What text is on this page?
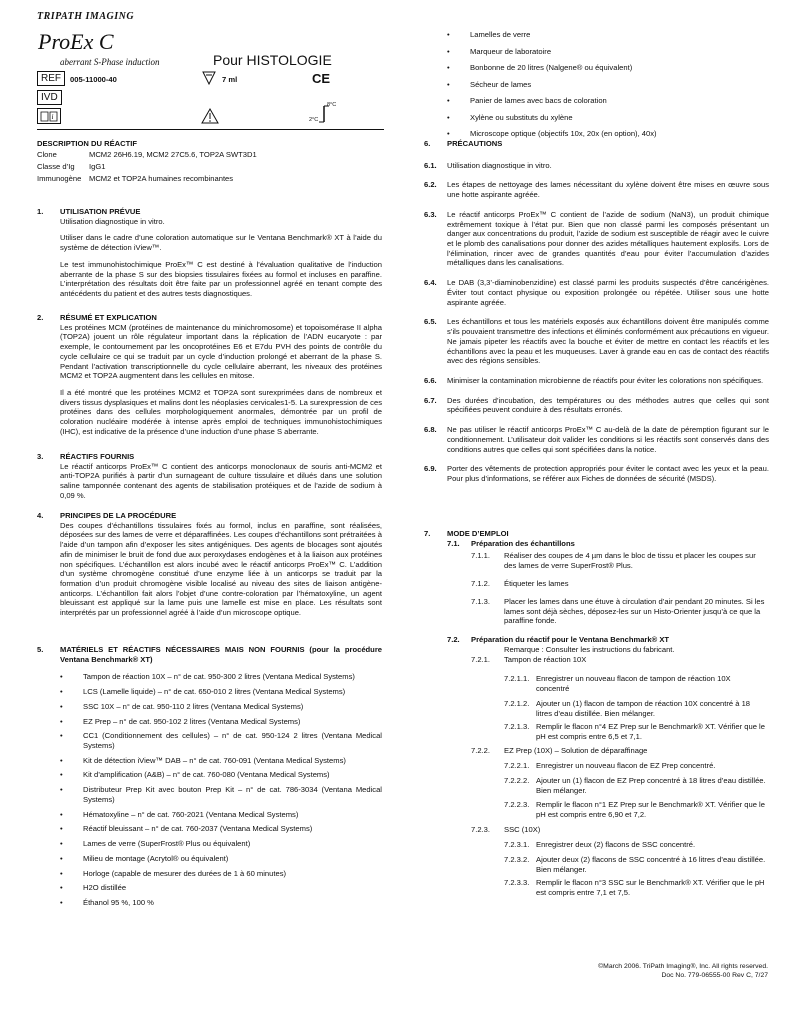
TRIPATH IMAGING
ProEx C
aberrant S-Phase induction	Pour HISTOLOGIE
REF	005-11000-40	7 ml	CE
IVD
i
8°C
2°C
DESCRIPTION DU RÉACTIF
Clone	MCM2 26H6.19, MCM2 27C5.6, TOP2A SWT3D1
Classe d’Ig	IgG1
Immunogène	MCM2 et TOP2A humaines recombinantes
1. UTILISATION PRÉVUE

Utilisation diagnostique in vitro.

Utiliser dans le cadre d’une coloration automatique sur le Ventana Benchmark® XT à l’aide du système de détection iView™.

Le test immunohistochimique ProEx™ C est destiné à l’évaluation qualitative de l’induction aberrante de la phase S sur des biopsies tissulaires fixées au formol et incluses en paraffine. L’interprétation des résultats doit être faite par un professionnel agréé en tenant compte des antécédents du patient et des autres tests diagnostiques.

2. RÉSUMÉ ET EXPLICATION

Les protéines MCM (protéines de maintenance du minichromosome) et topoisomérase II alpha (TOP2A) jouent un rôle régulateur important dans la réplication de l’ADN eucaryote : par exemple, le contournement par les oncoprotéines E6 et E7du PVH des points de contrôle du cycle cellulaire ce qui se traduit par un cycle d’induction prolongé et aberrant de la phase S. Pendant l’activation transcriptionnelle du cycle cellulaire aberrant, les niveaux des protéines MCM2 et TOP2A augmentent dans les cellules en mitose.

Il a été montré que les protéines MCM2 et TOP2A sont surexprimées dans de nombreux et divers tissus dysplasiques et malins dont les néoplasies cervicales1-5. La surexpression de ces protéines dans des cellules morphologiquement anormales, démontrée par un profil de coloration nucléaire modérée à intense après emploi de techniques immunohistochimiques (IHC), est indicative de la présence d’une induction d’une phase S aberrante.

3. RÉACTIFS FOURNIS

Le réactif anticorps ProEx™ C contient des anticorps monoclonaux de souris anti-MCM2 et anti-TOP2A purifiés à partir d’un surnageant de culture tissulaire et dilués dans une solution saline tamponnée contenant des agents de stabilisation protéiques et de l’azide de sodium à 0,09 %.

4. PRINCIPES DE LA PROCÉDURE

Des coupes d’échantillons tissulaires fixés au formol, inclus en paraffine, sont réalisées, déposées sur des lames de verre et déparaffinées. Les coupes d’échantillons sont prétraitées à l’aide d’un tampon afin d’exposer les sites antigéniques. Des agents de blocages sont ajoutés afin de minimiser le bruit de fond due aux peroxydases endogènes et à la liaison aux protéines non spécifiques. L’échantillon est alors incubé avec le réactif anticorps ProEx™ C. L’addition d’un système chromogène constitué d’une enzyme liée à un anticorps se traduit par la formation d’un produit chromogène visible localisé au niveau des sites de liaison antigène-anticorps. L’échantillon fait alors l’objet d’une contre-coloration par l’hématoxyline, un agent bleuissant est appliqué sur la lame puis une lamelle est mise en place. Les résultats sont interprétés par un professionnel agréé à l’aide d’un microscope optique.

5. MATÉRIELS ET RÉACTIFS NÉCESSAIRES MAIS NON FOURNIS (pour la procédure Ventana Benchmark® XT)
• Tampon de réaction 10X – n° de cat. 950-300 2 litres (Ventana Medical Systems)
• LCS (Lamelle liquide) – n° de cat. 650-010 2 litres (Ventana Medical Systems)
• SSC 10X – n° de cat. 950-110 2 litres (Ventana Medical Systems)
• EZ Prep – n° de cat. 950-102 2 litres (Ventana Medical Systems)
• CC1 (Conditionnement des cellules) – n° de cat. 950-124 2 litres (Ventana Medical Systems)
• Kit de détection iView™ DAB – n° de cat. 760-091 (Ventana Medical Systems)
• Kit d’amplification (A&B) – n° de cat. 760-080 (Ventana Medical Systems)
• Distributeur Prep Kit avec bouton Prep Kit – n° de cat. 786-3034 (Ventana Medical Systems)
• Hématoxyline – n° de cat. 760-2021 (Ventana Medical Systems)
• Réactif bleuissant – n° de cat. 760-2037 (Ventana Medical Systems)
• Lames de verre (SuperFrost® Plus ou équivalent)
• Milieu de montage (Acrytol® ou équivalent)
• Horloge (capable de mesurer des durées de 1 à 60 minutes)
• H2O distillée
• Éthanol 95 %, 100 %
• Lamelles de verre
• Marqueur de laboratoire
• Bonbonne de 20 litres (Nalgene® ou équivalent)
• Sécheur de lames
• Panier de lames avec bacs de coloration
• Xylène ou substituts du xylène
• Microscope optique (objectifs 10x, 20x (en option), 40x)
6. PRÉCAUTIONS
6.1. Utilisation diagnostique in vitro.
6.2. Les étapes de nettoyage des lames nécessitant du xylène doivent être mises en œuvre sous une hotte aspirante agréée.
6.3. Le réactif anticorps ProEx™ C contient de l’azide de sodium (NaN3), un produit chimique extrêmement toxique à l’état pur. Bien que non classé parmi les composés présentant un danger aux concentrations du produit, l’azide de sodium est susceptible de réagir avec le cuivre et le plomb des canalisations pour donner des azides métalliques hautement explosifs. Lors de l’élimination, rincer avec de grandes quantités d’eau pour éviter l’accumulation d’azides métalliques dans les canalisations.
6.4. Le DAB (3,3’-diaminobenzidine) est classé parmi les produits suspectés d’être cancérigènes. Éviter tout contact physique ou exposition prolongée ou répétée. Utiliser sous une hotte aspirante agréée.
6.5. Les échantillons et tous les matériels exposés aux échantillons doivent être manipulés comme s’ils pouvaient transmettre des infections et éliminés conformément aux précautions en vigueur. Ne jamais pipeter les réactifs avec la bouche et éviter de mettre en contact les réactifs et les échantillons avec la peau et les muqueuses. Laver à grande eau en cas de contact des réactifs avec des régions sensibles.
6.6. Minimiser la contamination microbienne de réactifs pour éviter les colorations non spécifiques.
6.7. Des durées d’incubation, des températures ou des méthodes autres que celles qui sont spécifiées peuvent conduire à des résultats erronés.
6.8. Ne pas utiliser le réactif anticorps ProEx™ C au-delà de la date de péremption figurant sur le conditionnement. L’utilisateur doit valider les conditions si les réactifs sont conservés dans des conditions autres que celles qui sont spécifiées dans la notice.
6.9. Porter des vêtements de protection appropriés pour éviter le contact avec les yeux et la peau. Pour plus d’informations, se référer aux Fiches de données de sécurité (MSDS).
7. MODE D’EMPLOI
7.1. Préparation des échantillons
7.1.1. Réaliser des coupes de 4 µm dans le bloc de tissu et placer les coupes sur des lames de verre SuperFrost® Plus.
7.1.2. Étiqueter les lames
7.1.3. Placer les lames dans une étuve à circulation d’air pendant 20 minutes. Si les lames sont déjà sèches, déposez-les sur un Histo-Orienter jusqu’à ce que la paraffine fonde.
7.2. Préparation du réactif pour le Ventana Benchmark® XT
Remarque : Consulter les instructions du fabricant.
7.2.1. Tampon de réaction 10X
7.2.1.1. Enregistrer un nouveau flacon de tampon de réaction 10X concentré
7.2.1.2. Ajouter un (1) flacon de tampon de réaction 10X concentré à 18 litres d’eau distillée. Bien mélanger.
7.2.1.3. Remplir le flacon n°4 EZ Prep sur le Benchmark® XT. Vérifier que le pH est compris entre 6,5 et 7,1.
7.2.2. EZ Prep (10X) – Solution de déparaffinage
7.2.2.1. Enregistrer un nouveau flacon de EZ Prep concentré.
7.2.2.2. Ajouter un (1) flacon de EZ Prep concentré à 18 litres d’eau distillée. Bien mélanger.
7.2.2.3. Remplir le flacon n°1 EZ Prep sur le Benchmark® XT. Vérifier que le pH est compris entre 6,90 et 7,2.
7.2.3. SSC (10X)
7.2.3.1. Enregistrer deux (2) flacons de SSC concentré.
7.2.3.2. Ajouter deux (2) flacons de SSC concentré à 16 litres d’eau distillée. Bien mélanger.
7.2.3.3. Remplir le flacon n°3 SSC sur le Benchmark® XT. Vérifier que le pH est compris entre 7,1 et 7,5.
©March 2006. TriPath Imaging®, Inc. All rights reserved.
Doc No. 779-06555-00 Rev C, 7/27
